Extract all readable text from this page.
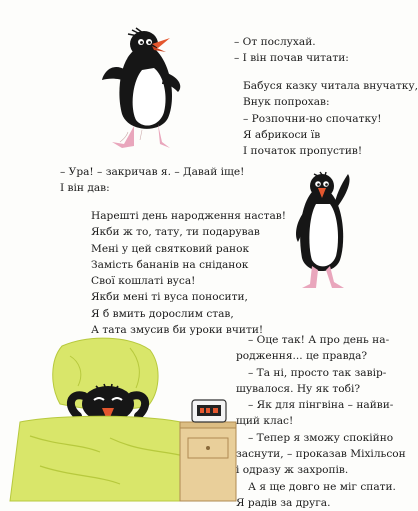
– От послухай.
– І він почав читати:
Бабуся казку читала внучатку,
Внук попрохав:
– Розпочни-но спочатку!
Я абрикоси їв
І початок пропустив!
– Ура! – закричав я. – Давай іще!
І він дав:
Нарешті день народження настав!
Якби ж то, тату, ти подарував
Мені у цей святковий ранок
Замість бананів на сніданок
Свої кошлаті вуса!
Якби мені ті вуса поносити,
Я б вмить дорослим став,
А тата змусив би уроки вчити!
– Оце так! А про день на-
родження... це правда?
– Та ні, просто так завір-
шувалося. Ну як тобі?
– Як для пінгвіна – найви-
щий клас!
– Тепер я зможу спокійно
заснути, – проказав Міхільсон
і одразу ж захропів.
А я ще довго не міг спати.
Я радів за друга.
